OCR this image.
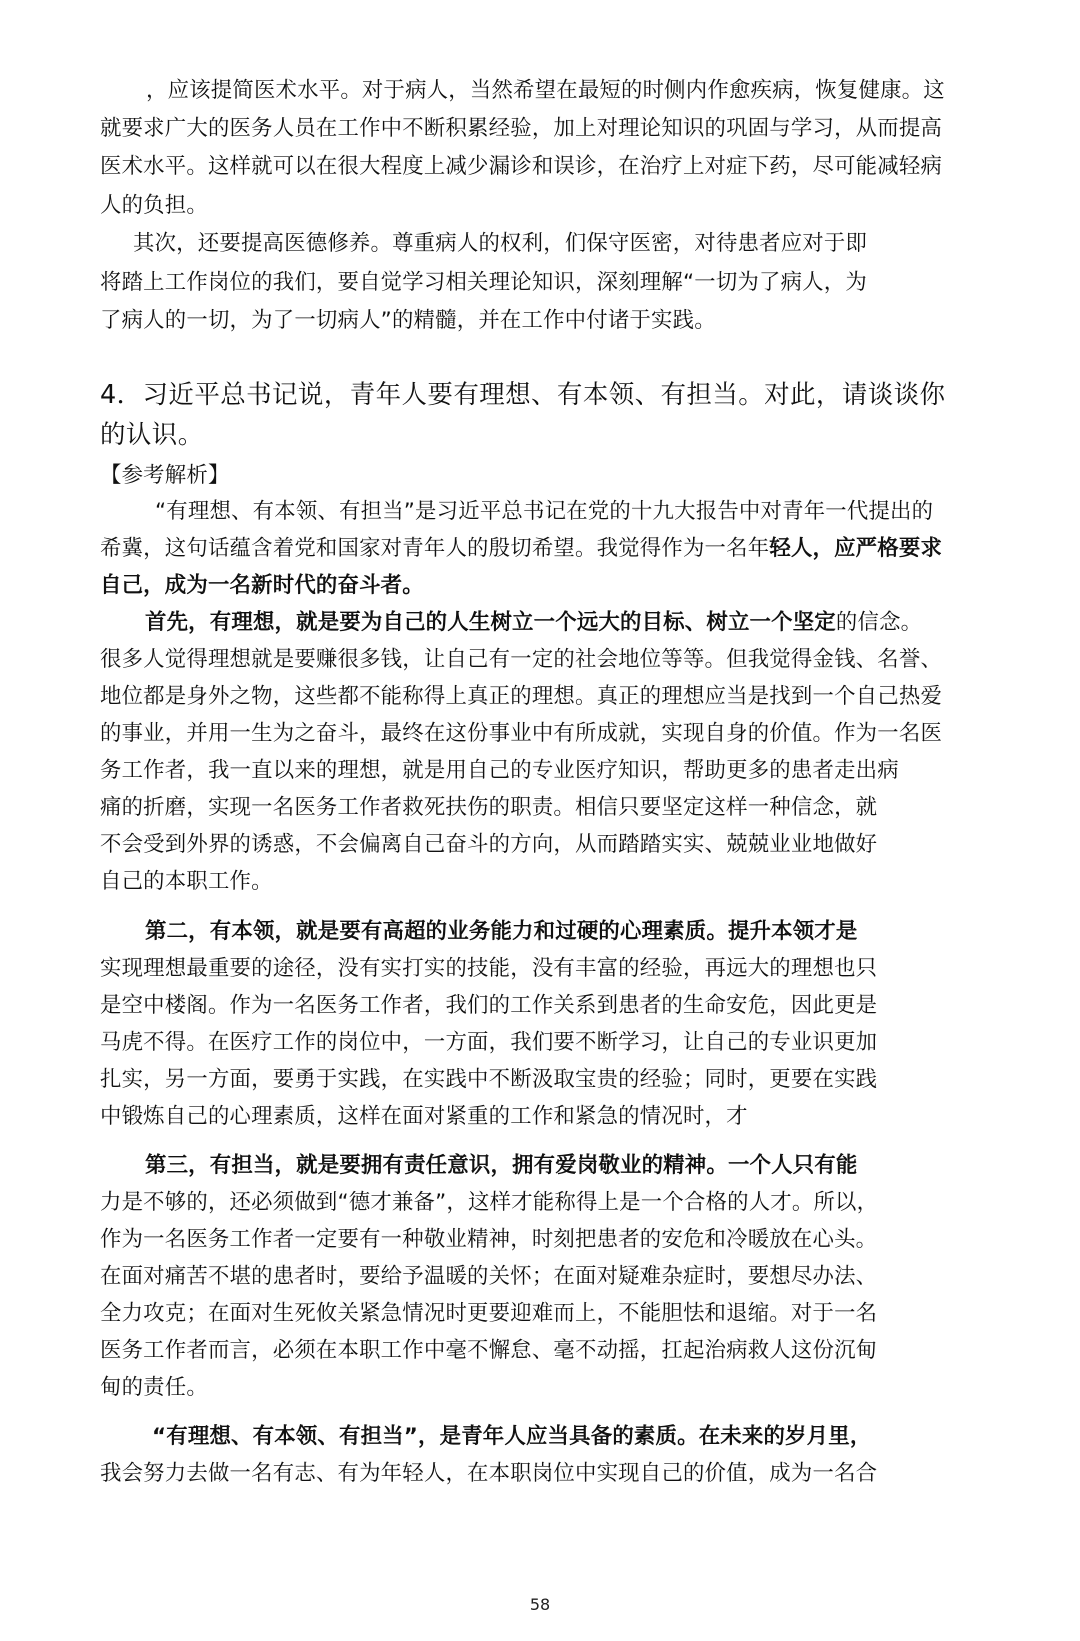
，应该提简医术水平。对于病人，当然希望在最短的时侧内作愈疾病，恢复健康。这
就要求广大的医务人员在工作中不断积累经验，加上对理论知识的巩固与学习，从而提高
医术水平。这样就可以在很大程度上减少漏诊和误诊，在治疗上对症下药，尽可能减轻病
人的负担。
其次，还要提高医德修养。尊重病人的权利，们保守医密，对待患者应对于即
将踏上工作岗位的我们，要自觉学习相关理论知识，深刻理解“一切为了病人，为
了病人的一切，为了一切病人”的精髓，并在工作中付诸于实践。
4．习近平总书记说，青年人要有理想、有本领、有担当。对此，请谈谈你
的认识。
【参考解析】
“有理想、有本领、有担当”是习近平总书记在党的十九大报告中对青年一代提出的
希冀，这句话蕴含着党和国家对青年人的殷切希望。我觉得作为一名年轻人，应严格要求
自己，成为一名新时代的奋斗者。
首先，有理想，就是要为自己的人生树立一个远大的目标、树立一个坚定的信念。
很多人觉得理想就是要赚很多钱，让自己有一定的社会地位等等。但我觉得金钱、名誉、
地位都是身外之物，这些都不能称得上真正的理想。真正的理想应当是找到一个自己热爱
的事业，并用一生为之奋斗，最终在这份事业中有所成就，实现自身的价值。作为一名医
务工作者，我一直以来的理想，就是用自己的专业医疗知识，帮助更多的患者走出病
痛的折磨，实现一名医务工作者救死扶伤的职责。相信只要坚定这样一种信念，就
不会受到外界的诱惑，不会偏离自己奋斗的方向，从而踏踏实实、兢兢业业地做好
自己的本职工作。
第二，有本领，就是要有高超的业务能力和过硬的心理素质。提升本领才是
实现理想最重要的途径，没有实打实的技能，没有丰富的经验，再远大的理想也只
是空中楼阁。作为一名医务工作者，我们的工作关系到患者的生命安危，因此更是
马虎不得。在医疗工作的岗位中，一方面，我们要不断学习，让自己的专业识更加
扎实，另一方面，要勇于实践，在实践中不断汲取宝贵的经验；同时，更要在实践
中锻炼自己的心理素质，这样在面对紧重的工作和紧急的情况时，才
第三，有担当，就是要拥有责任意识，拥有爱岗敬业的精神。一个人只有能
力是不够的，还必须做到“德才兼备”，这样才能称得上是一个合格的人才。所以，
作为一名医务工作者一定要有一种敬业精神，时刻把患者的安危和冷暖放在心头。
在面对痛苦不堪的患者时，要给予温暖的关怀；在面对疑难杂症时，要想尽办法、
全力攻克；在面对生死攸关紧急情况时更要迎难而上，不能胆怯和退缩。对于一名
医务工作者而言，必须在本职工作中毫不懈怠、毫不动摇，扛起治病救人这份沉甸
甸的责任。
“有理想、有本领、有担当”，是青年人应当具备的素质。在未来的岁月里，
我会努力去做一名有志、有为年轻人，在本职岗位中实现自己的价值，成为一名合
58
